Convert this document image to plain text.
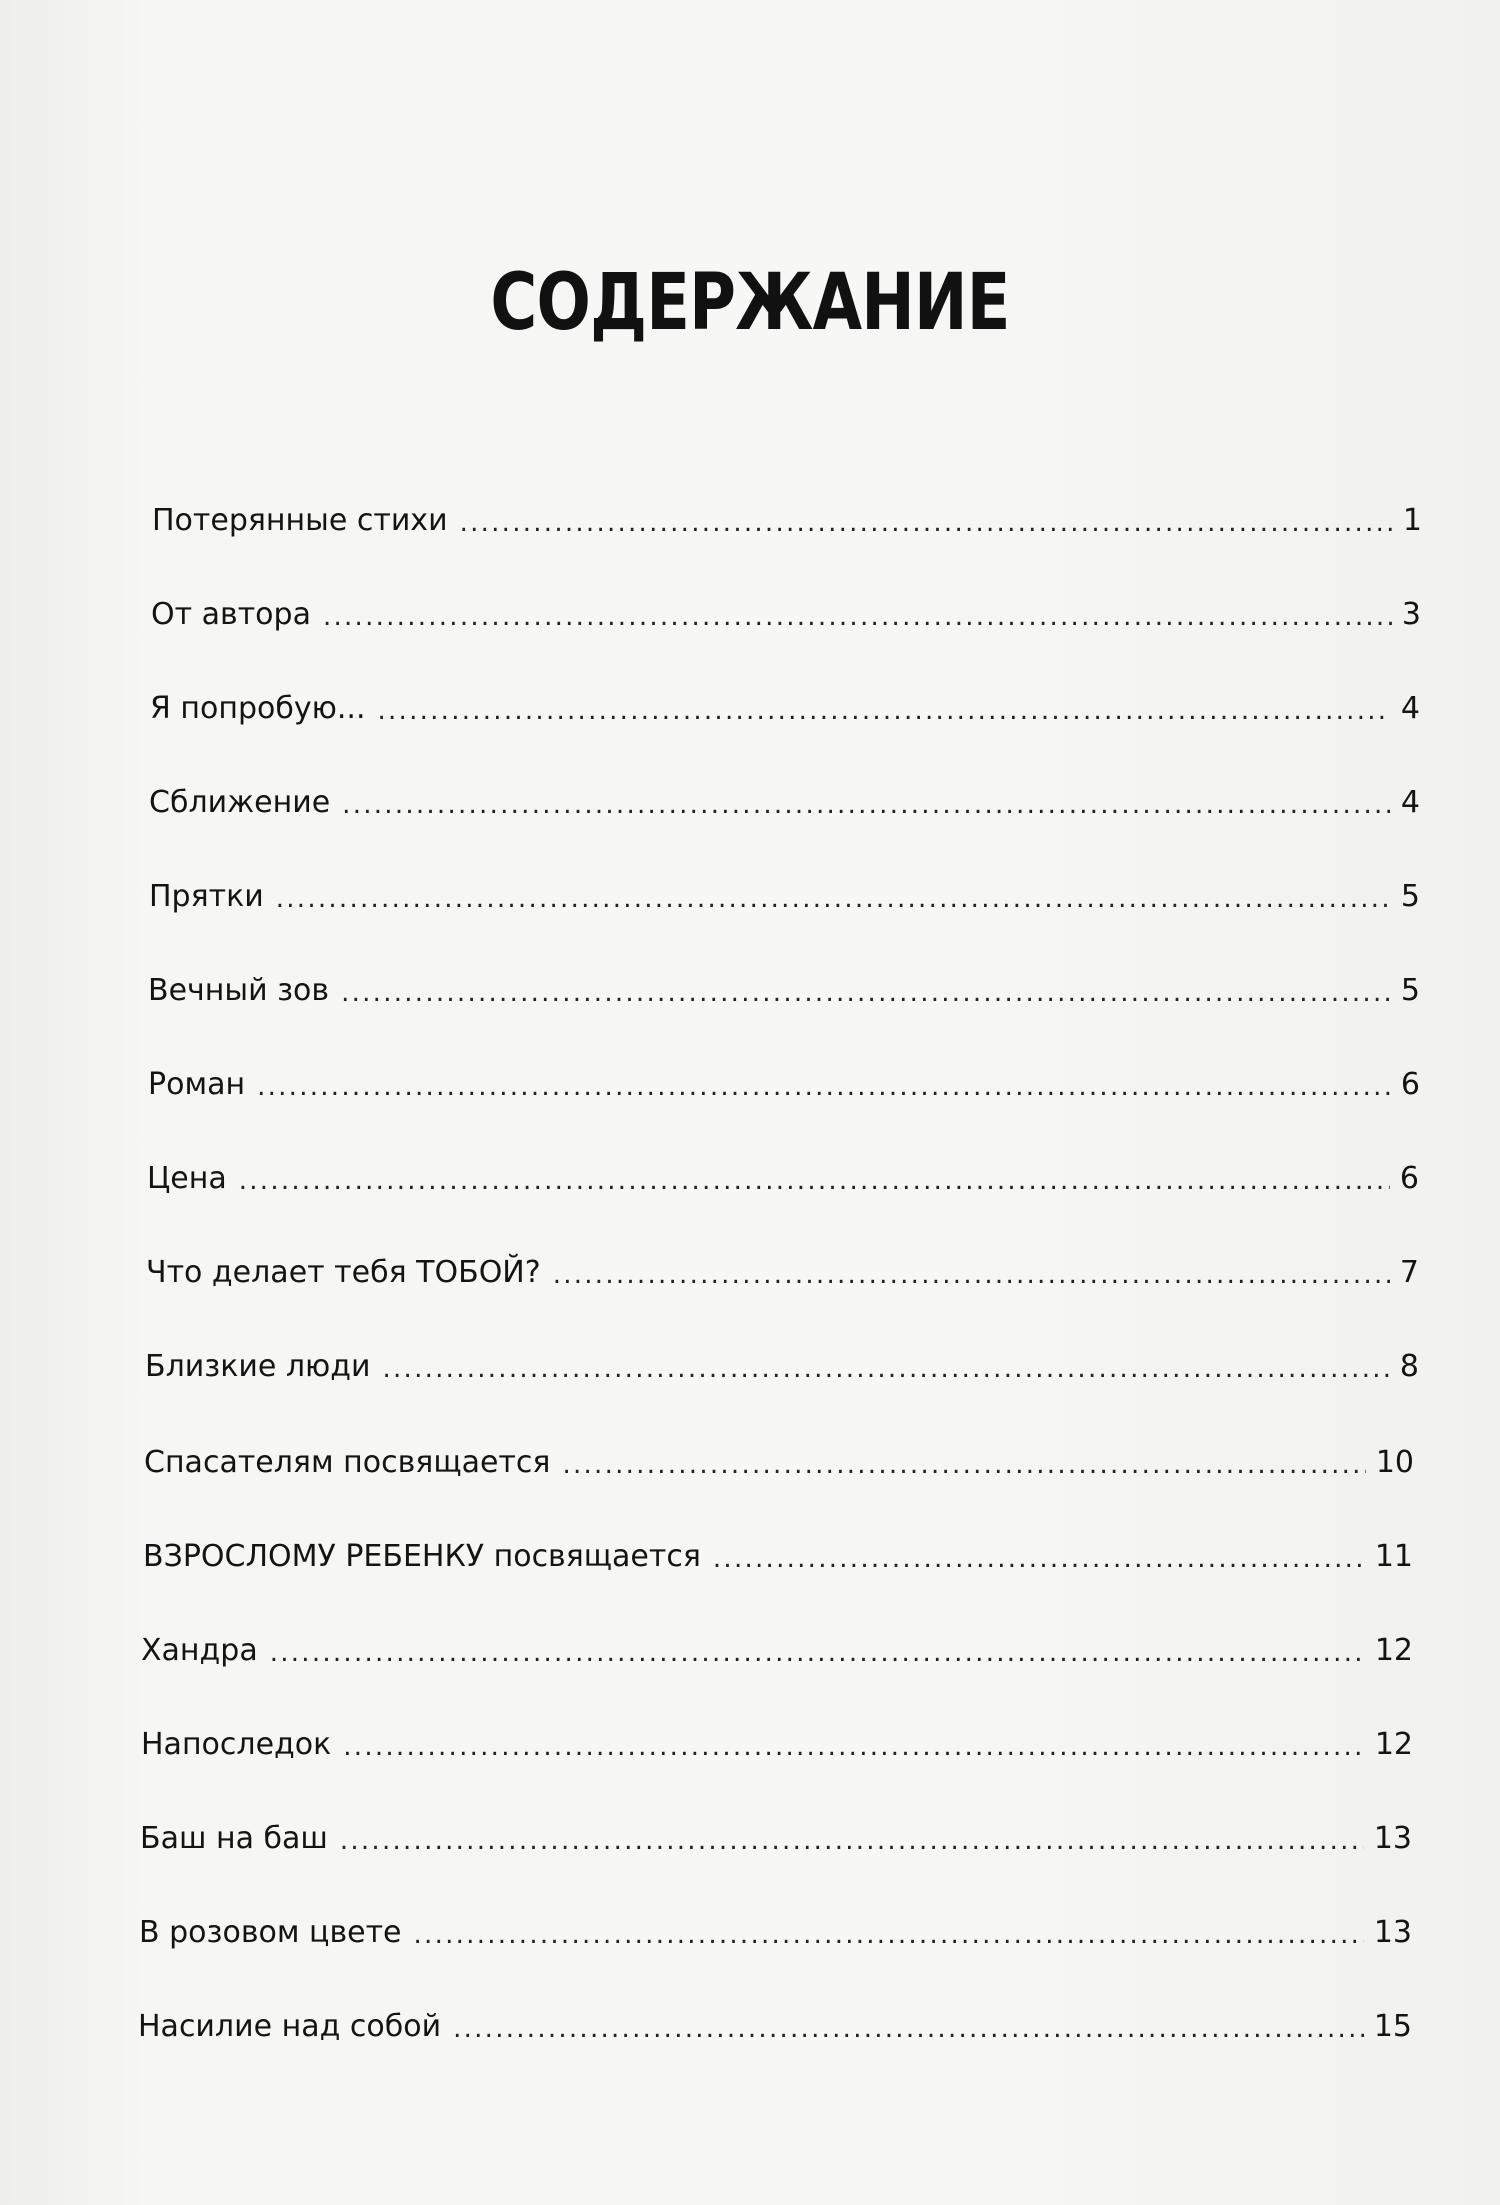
СОДЕРЖАНИЕ
Потерянные стихи . . .	1
От автора . . .	3
Я попробую... . . .	4
Сближение . . .	4
Прятки . . .	5
Вечный зов . . .	5
Роман . . .	6
Цена . . .	6
Что делает тебя ТОБОЙ? . . .	7
Близкие люди . . .	8
Спасателям посвящается . . .	10
ВЗРОСЛОМУ РЕБЕНКУ посвящается . . .	11
Хандра . . .	12
Напоследок . . .	12
Баш на баш . . .	13
В розовом цвете . . .	13
Насилие над собой . . .	15
